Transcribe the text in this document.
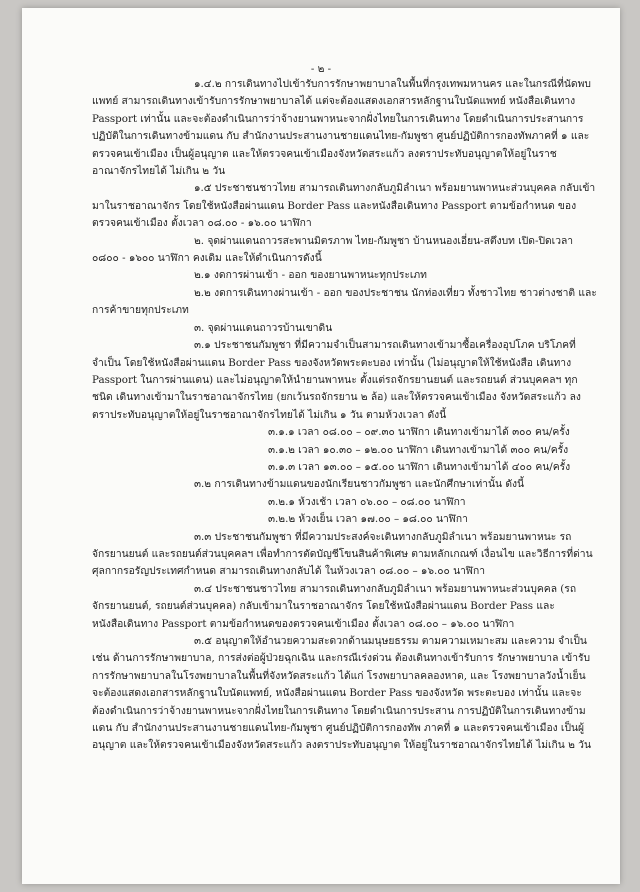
- ๒ -

๑.๔.๒ การเดินทางไปเข้ารับการรักษาพยาบาลในพื้นที่กรุงเทพมหานคร และในกรณีที่นัดพบแพทย์ สามารถเดินทางเข้ารับการรักษาพยาบาลได้ แต่จะต้องแสดงเอกสารหลักฐานใบนัดแพทย์ หนังสือเดินทาง Passport เท่านั้น และจะต้องดำเนินการว่าจ้างยานพาหนะจากฝั่งไทยในการเดินทาง โดยดำเนินการประสานการปฏิบัติในการเดินทางข้ามแดน กับ สำนักงานประสานงานชายแดนไทย-กัมพูชา ศูนย์ปฏิบัติการกองทัพภาคที่ ๑ และตรวจคนเข้าเมือง เป็นผู้อนุญาต และให้ตรวจคนเข้าเมืองจังหวัดสระแก้ว ลงตราประทับอนุญาตให้อยู่ในราชอาณาจักรไทยได้ ไม่เกิน ๒ วัน

๑.๕ ประชาชนชาวไทย สามารถเดินทางกลับภูมิลำเนา พร้อมยานพาหนะส่วนบุคคล กลับเข้ามาในราชอาณาจักร โดยใช้หนังสือผ่านแดน Border Pass และหนังสือเดินทาง Passport ตามข้อกำหนด ของตรวจคนเข้าเมือง ตั้งเวลา ๐๘.๐๐ - ๑๖.๐๐ นาฬิกา

๒. จุดผ่านแดนถาวรสะพานมิตรภาพ ไทย-กัมพูชา บ้านหนองเอี่ยน-สตึงบท เปิด-ปิดเวลา ๐๘๐๐ - ๑๖๐๐ นาฬิกา คงเดิม และให้ดำเนินการดังนี้

๒.๑ งดการผ่านเข้า - ออก ของยานพาหนะทุกประเภท

๒.๒ งดการเดินทางผ่านเข้า - ออก ของประชาชน นักท่องเที่ยว ทั้งชาวไทย ชาวต่างชาติ และการค้าขายทุกประเภท

๓. จุดผ่านแดนถาวรบ้านเขาดิน

๓.๑ ประชาชนกัมพูชา ที่มีความจำเป็นสามารถเดินทางเข้ามาซื้อเครื่องอุปโภค บริโภคที่จำเป็น โดยใช้หนังสือผ่านแดน Border Pass ของจังหวัดพระตะบอง เท่านั้น (ไม่อนุญาตให้ใช้หนังสือ เดินทาง Passport ในการผ่านแดน) และไม่อนุญาตให้นำยานพาหนะ ตั้งแต่รถจักรยานยนต์ และรถยนต์ ส่วนบุคคลฯ ทุกชนิด เดินทางเข้ามาในราชอาณาจักรไทย (ยกเว้นรถจักรยาน ๒ ล้อ) และให้ตรวจคนเข้าเมือง จังหวัดสระแก้ว ลงตราประทับอนุญาตให้อยู่ในราชอาณาจักรไทยได้ ไม่เกิน ๑ วัน ตามห้วงเวลา ดังนี้

๓.๑.๑ เวลา ๐๘.๐๐ – ๐๙.๓๐ นาฬิกา เดินทางเข้ามาได้ ๓๐๐ คน/ครั้ง

๓.๑.๒ เวลา ๑๐.๓๐ – ๑๒.๐๐ นาฬิกา เดินทางเข้ามาได้ ๓๐๐ คน/ครั้ง

๓.๑.๓ เวลา ๑๓.๐๐ – ๑๕.๐๐ นาฬิกา เดินทางเข้ามาได้ ๔๐๐ คน/ครั้ง

๓.๒ การเดินทางข้ามแดนของนักเรียนชาวกัมพูชา และนักศึกษาเท่านั้น ดังนี้

๓.๒.๑ ห้วงเช้า เวลา ๐๖.๐๐ – ๐๘.๐๐ นาฬิกา

๓.๒.๒ ห้วงเย็น เวลา ๑๗.๐๐ – ๑๘.๐๐ นาฬิกา

๓.๓ ประชาชนกัมพูชา ที่มีความประสงค์จะเดินทางกลับภูมิลำเนา พร้อมยานพาหนะ รถจักรยานยนต์ และรถยนต์ส่วนบุคคลฯ เพื่อทำการตัดบัญชีโขนสินค้าพิเศษ ตามหลักเกณฑ์ เงื่อนไข และวิธีการที่ด่านศุลกากรอรัญประเทศกำหนด สามารถเดินทางกลับได้ ในห้วงเวลา ๐๘.๐๐ – ๑๖.๐๐ นาฬิกา

๓.๔ ประชาชนชาวไทย สามารถเดินทางกลับภูมิลำเนา พร้อมยานพาหนะส่วนบุคคล (รถจักรยานยนต์, รถยนต์ส่วนบุคคล) กลับเข้ามาในราชอาณาจักร โดยใช้หนังสือผ่านแดน Border Pass และ หนังสือเดินทาง Passport ตามข้อกำหนดของตรวจคนเข้าเมือง ตั้งเวลา ๐๘.๐๐ – ๑๖.๐๐ นาฬิกา

๓.๕ อนุญาตให้อำนวยความสะดวกด้านมนุษยธรรม ตามความเหมาะสม และความ จำเป็น เช่น ด้านการรักษาพยาบาล, การส่งต่อผู้ป่วยฉุกเฉิน และกรณีเร่งด่วน ต้องเดินทางเข้ารับการ รักษาพยาบาล เข้ารับการรักษาพยาบาลในโรงพยาบาลในพื้นที่จังหวัดสระแก้ว ได้แก่ โรงพยาบาลคลองหาด, และ โรงพยาบาลวังน้ำเย็น จะต้องแสดงเอกสารหลักฐานใบนัดแพทย์, หนังสือผ่านแดน Border Pass ของจังหวัด พระตะบอง เท่านั้น และจะต้องดำเนินการว่าจ้างยานพาหนะจากฝั่งไทยในการเดินทาง โดยดำเนินการประสาน การปฏิบัติในการเดินทางข้ามแดน กับ สำนักงานประสานงานชายแดนไทย-กัมพูชา ศูนย์ปฏิบัติการกองทัพ ภาคที่ ๑ และตรวจคนเข้าเมือง เป็นผู้อนุญาต และให้ตรวจคนเข้าเมืองจังหวัดสระแก้ว ลงตราประทับอนุญาต ให้อยู่ในราชอาณาจักรไทยได้ ไม่เกิน ๒ วัน
